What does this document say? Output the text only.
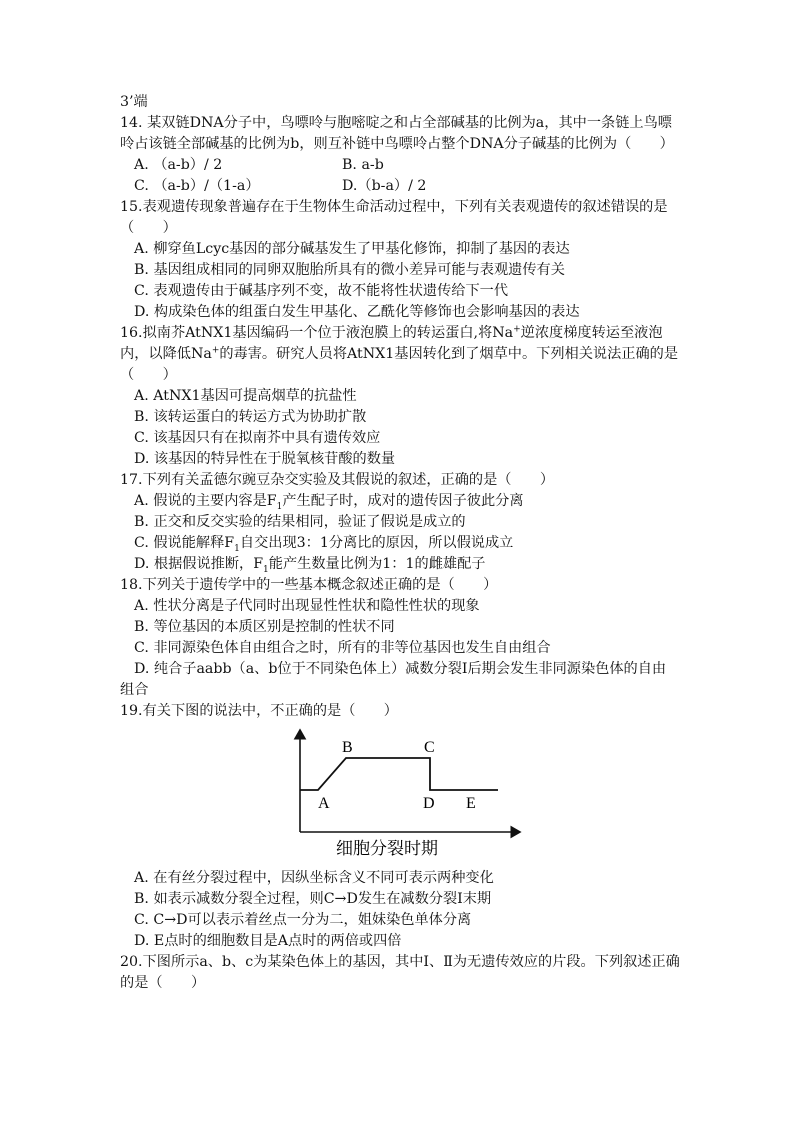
3’端
14. 某双链DNA分子中，鸟嘌呤与胞嘧啶之和占全部碱基的比例为a，其中一条链上鸟嘌呤占该链全部碱基的比例为b，则互补链中鸟嘌呤占整个DNA分子碱基的比例为（　　）
A. （a-b）/ 2	B. a-b
C. （a-b）/（1-a）	D.（b-a）/ 2
15.表观遗传现象普遍存在于生物体生命活动过程中，下列有关表观遗传的叙述错误的是（　　）
A. 柳穿鱼Lcyc基因的部分碱基发生了甲基化修饰，抑制了基因的表达
B. 基因组成相同的同卵双胞胎所具有的微小差异可能与表观遗传有关
C. 表观遗传由于碱基序列不变，故不能将性状遗传给下一代
D. 构成染色体的组蛋白发生甲基化、乙酰化等修饰也会影响基因的表达
16.拟南芥AtNX1基因编码一个位于液泡膜上的转运蛋白,将Na+逆浓度梯度转运至液泡内，以降低Na+的毒害。研究人员将AtNX1基因转化到了烟草中。下列相关说法正确的是（　　）
A. AtNX1基因可提高烟草的抗盐性
B. 该转运蛋白的转运方式为协助扩散
C. 该基因只有在拟南芥中具有遗传效应
D. 该基因的特异性在于脱氧核苷酸的数量
17.下列有关孟德尔豌豆杂交实验及其假说的叙述，正确的是（　　）
A. 假说的主要内容是$F_1$产生配子时，成对的遗传因子彼此分离
B. 正交和反交实验的结果相同，验证了假说是成立的
C. 假说能解释$F_1$自交出现3：1分离比的原因，所以假说成立
D. 根据假说推断，$F_1$能产生数量比例为1：1的雌雄配子
18.下列关于遗传学中的一些基本概念叙述正确的是（　　）
A. 性状分离是子代同时出现显性性状和隐性性状的现象
B. 等位基因的本质区别是控制的性状不同
C. 非同源染色体自由组合之时，所有的非等位基因也发生自由组合
D. 纯合子aabb（a、b位于不同染色体上）减数分裂Ⅰ后期会发生非同源染色体的自由组合
19.有关下图的说法中，不正确的是（　　）
A
B	C
D E
细胞分裂时期
A. 在有丝分裂过程中，因纵坐标含义不同可表示两种变化
B. 如表示减数分裂全过程，则C→D发生在减数分裂Ⅰ末期
C. C→D可以表示着丝点一分为二，姐妹染色单体分离
D. E点时的细胞数目是A点时的两倍或四倍
20.下图所示a、b、c为某染色体上的基因，其中Ⅰ、Ⅱ为无遗传效应的片段。下列叙述正确的是（　　）
